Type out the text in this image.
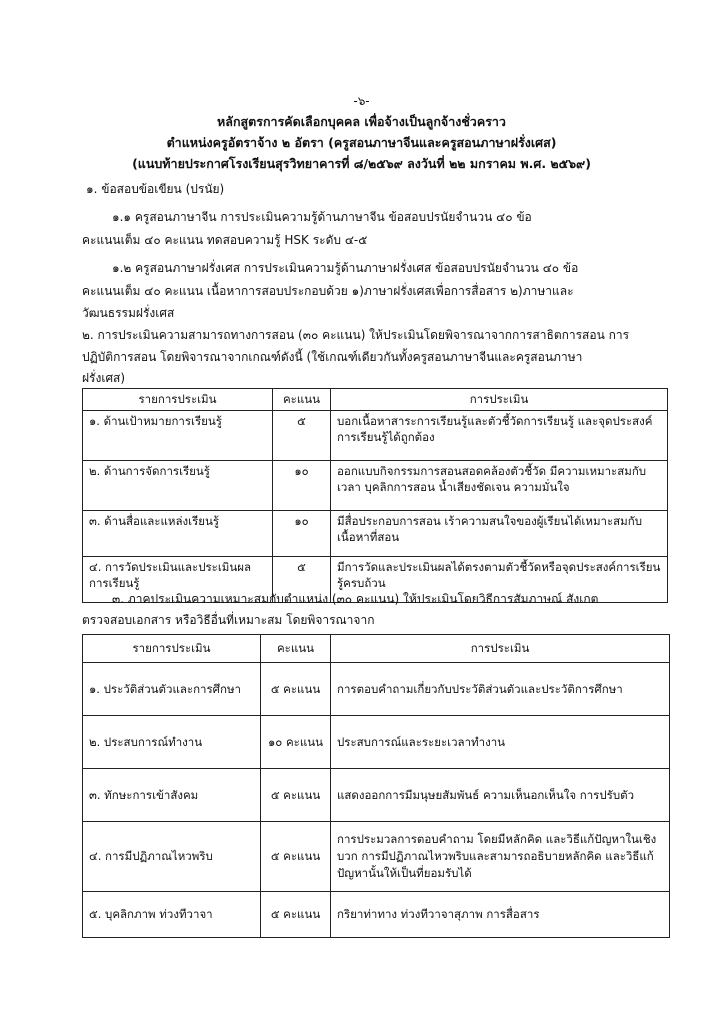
-๖-
หลักสูตรการคัดเลือกบุคคล เพื่อจ้างเป็นลูกจ้างชั่วคราว
ตำแหน่งครูอัตราจ้าง ๒ อัตรา (ครูสอนภาษาจีนและครูสอนภาษาฝรั่งเศส)
(แนบท้ายประกาศโรงเรียนสุรวิทยาคารที่ ๘/๒๕๖๙ ลงวันที่ ๒๒ มกราคม พ.ศ. ๒๕๖๙)
๑. ข้อสอบข้อเขียน (ปรนัย)
๑.๑ ครูสอนภาษาจีน การประเมินความรู้ด้านภาษาจีน ข้อสอบปรนัยจำนวน ๔๐ ข้อ
คะแนนเต็ม ๔๐ คะแนน ทดสอบความรู้ HSK ระดับ ๔-๕
๑.๒ ครูสอนภาษาฝรั่งเศส การประเมินความรู้ด้านภาษาฝรั่งเศส ข้อสอบปรนัยจำนวน ๔๐ ข้อ
คะแนนเต็ม ๔๐ คะแนน เนื้อหาการสอบประกอบด้วย ๑)ภาษาฝรั่งเศสเพื่อการสื่อสาร ๒)ภาษาและ
วัฒนธรรมฝรั่งเศส
๒. การประเมินความสามารถทางการสอน (๓๐ คะแนน) ให้ประเมินโดยพิจารณาจากการสาธิตการสอน การ
ปฏิบัติการสอน โดยพิจารณาจากเกณฑ์ดังนี้ (ใช้เกณฑ์เดียวกันทั้งครูสอนภาษาจีนและครูสอนภาษา
ฝรั่งเศส)
รายการประเมิน	คะแนน	การประเมิน
๑. ด้านเป้าหมายการเรียนรู้	๕	บอกเนื้อหาสาระการเรียนรู้และตัวชี้วัดการเรียนรู้ และจุดประสงค์การเรียนรู้ได้ถูกต้อง
๒. ด้านการจัดการเรียนรู้	๑๐	ออกแบบกิจกรรมการสอนสอดคล้องตัวชี้วัด มีความเหมาะสมกับเวลา บุคลิกการสอน น้ำเสียงชัดเจน ความมั่นใจ
๓. ด้านสื่อและแหล่งเรียนรู้	๑๐	มีสื่อประกอบการสอน เร้าความสนใจของผู้เรียนได้เหมาะสมกับเนื้อหาที่สอน
๔. การวัดประเมินและประเมินผลการเรียนรู้	๕	มีการวัดและประเมินผลได้ตรงตามตัวชี้วัดหรือจุดประสงค์การเรียนรู้ครบถ้วน
๓. ภาคประเมินความเหมาะสมกับตำแหน่ง (๓๐ คะแนน) ให้ประเมินโดยวิธีการสัมภาษณ์ สังเกต
ตรวจสอบเอกสาร หรือวิธีอื่นที่เหมาะสม โดยพิจารณาจาก
รายการประเมิน	คะแนน	การประเมิน
๑. ประวัติส่วนตัวและการศึกษา	๕ คะแนน	การตอบคำถามเกี่ยวกับประวัติส่วนตัวและประวัติการศึกษา
๒. ประสบการณ์ทำงาน	๑๐ คะแนน	ประสบการณ์และระยะเวลาทำงาน
๓. ทักษะการเข้าสังคม	๕ คะแนน	แสดงออกการมีมนุษยสัมพันธ์ ความเห็นอกเห็นใจ การปรับตัว
๔. การมีปฏิภาณไหวพริบ	๕ คะแนน	การประมวลการตอบคำถาม โดยมีหลักคิด และวิธีแก้ปัญหาในเชิงบวก การมีปฏิภาณไหวพริบและสามารถอธิบายหลักคิด และวิธีแก้ปัญหานั้นให้เป็นที่ยอมรับได้
๕. บุคลิกภาพ ท่วงทีวาจา	๕ คะแนน	กริยาท่าทาง ท่วงทีวาจาสุภาพ การสื่อสาร
